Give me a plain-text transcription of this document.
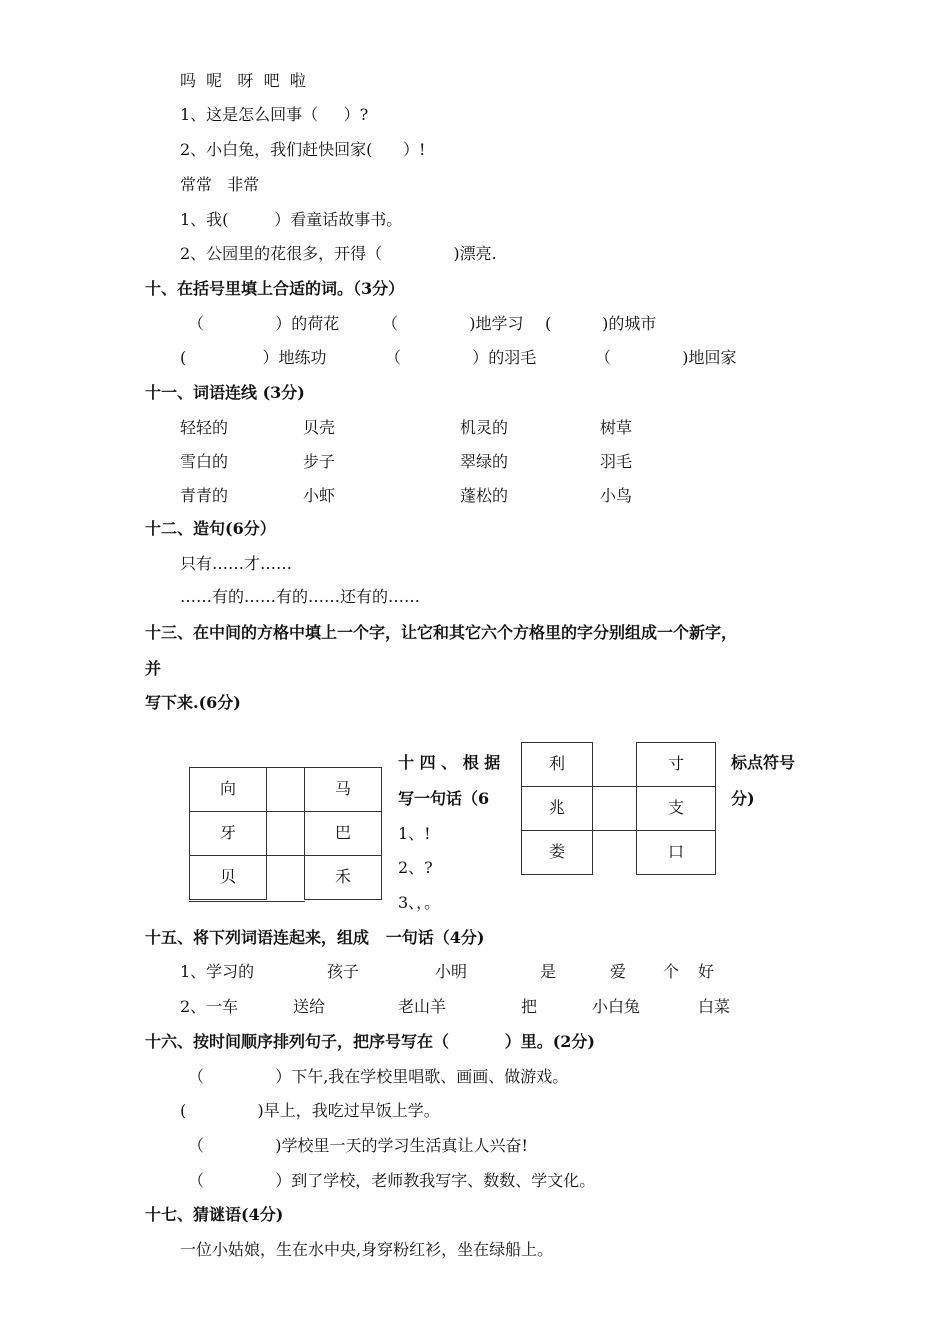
吗  呢   呀  吧  啦
1、这是怎么回事（     ）?
2、小白兔，我们赶快回家(      ）!
常常   非常
1、我(         ）看童话故事书。
2、公园里的花很多，开得（              )漂亮.
十、在括号里填上合适的词。（3分）
（              ）的荷花	（              )地学习 (          )的城市
(               ）地练功	（              ）的羽毛	（              )地回家
十一、词语连线 (3分)
轻轻的	贝壳	机灵的	树草
雪白的	步子	翠绿的	羽毛
青青的	小虾	蓬松的	小鸟
十二、造句(6分）
只有……才……
……有的……有的……还有的……
十三、在中间的方格中填上一个字，让它和其它六个方格里的字分别组成一个新字，
并
写下来.(6分)
向	马
牙	巴
贝	禾
利	寸
兆	支
娄	口
十 四 、 根 据
写一句话（6
标点符号
分)
1、!
2、?
3、，。
十五、将下列词语连起来，组成   一句话（4分)
1、学习的	孩子	小明	是	爱 个 好
2、一车	送给	老山羊	把	小白兔	白菜
十六、按时间顺序排列句子，把序号写在（          ）里。(2分)
（              ）下午,我在学校里唱歌、画画、做游戏。
(              )早上，我吃过早饭上学。
（              )学校里一天的学习生活真让人兴奋!
（              ）到了学校，老师教我写字、数数、学文化。
十七、猜谜语(4分)
一位小姑娘，生在水中央,身穿粉红衫，坐在绿船上。
